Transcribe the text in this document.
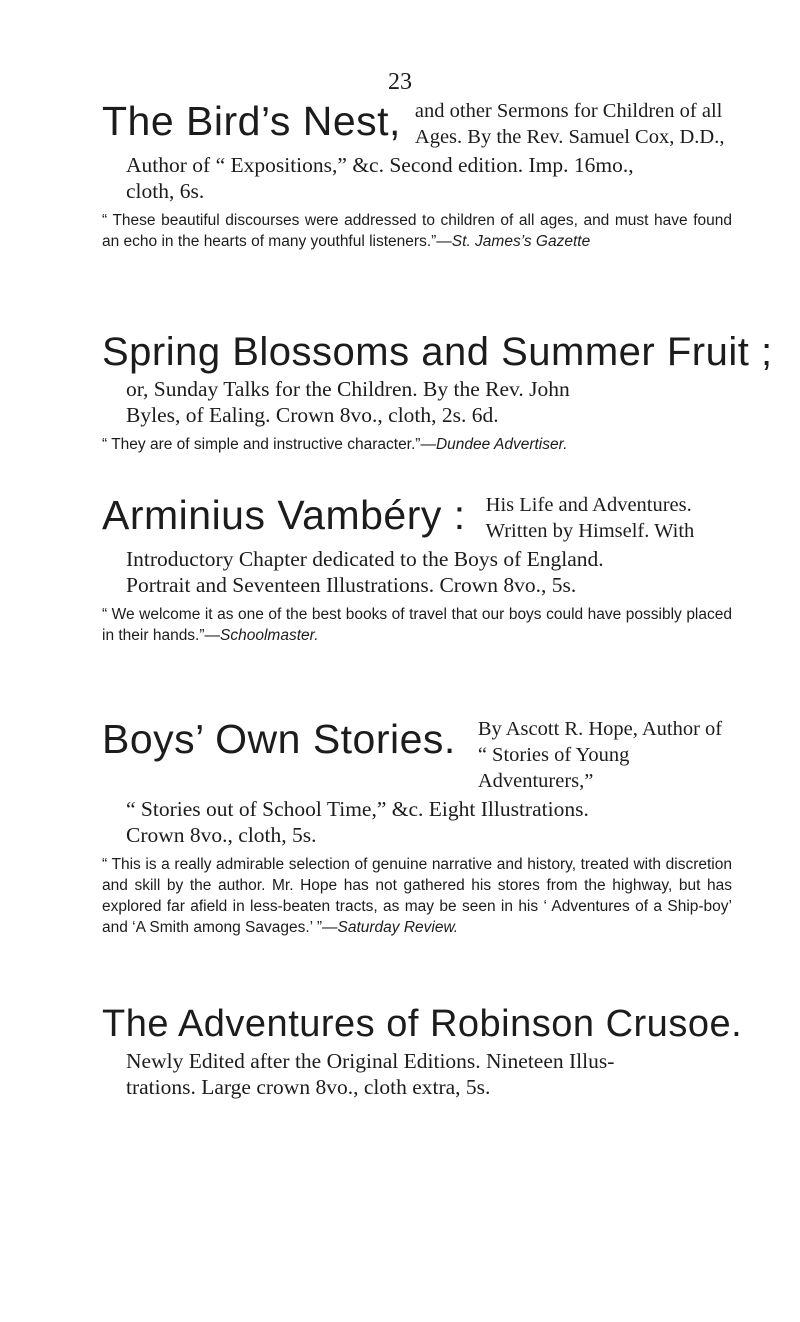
23
The Bird’s Nest, and other Sermons for Children of all
Ages. By the Rev. Samuel Cox, D.D.,
Author of “ Expositions,” &c. Second edition. Imp. 16mo.,
cloth, 6s.
“ These beautiful discourses were addressed to children of all ages, and must have found an echo in the hearts of many youthful listeners.”—St. James’s Gazette
Spring Blossoms and Summer Fruit ;
or, Sunday Talks for the Children. By the Rev. John
Byles, of Ealing. Crown 8vo., cloth, 2s. 6d.
“ They are of simple and instructive character.”—Dundee Advertiser.
Arminius Vambéry : His Life and Adventures.
Written by Himself. With
Introductory Chapter dedicated to the Boys of England.
Portrait and Seventeen Illustrations. Crown 8vo., 5s.
“ We welcome it as one of the best books of travel that our boys could have possibly placed in their hands.”—Schoolmaster.
Boys’ Own Stories. By Ascott R. Hope, Author of
“ Stories of Young Adventurers,”
“ Stories out of School Time,” &c. Eight Illustrations.
Crown 8vo., cloth, 5s.
“ This is a really admirable selection of genuine narrative and history, treated with discretion and skill by the author. Mr. Hope has not gathered his stores from the highway, but has explored far afield in less-beaten tracts, as may be seen in his ‘ Adventures of a Ship-boy’ and ‘A Smith among Savages.’ ”—Saturday Review.
The Adventures of Robinson Crusoe.
Newly Edited after the Original Editions. Nineteen Illus-
trations. Large crown 8vo., cloth extra, 5s.
